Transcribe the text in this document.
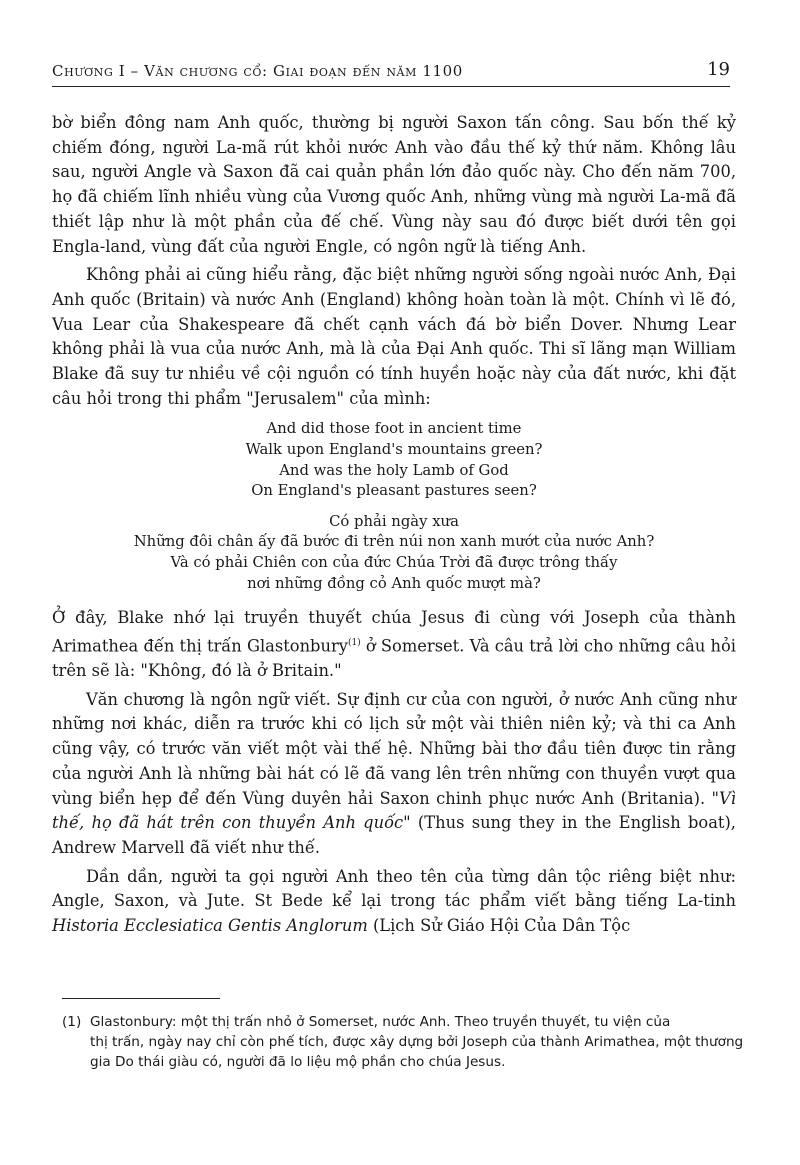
Chương I – Văn chương cổ: Giai đoạn đến năm 1100	19

bờ biển đông nam Anh quốc, thường bị người Saxon tấn công. Sau bốn thế kỷ chiếm đóng, người La-mã rút khỏi nước Anh vào đầu thế kỷ thứ năm. Không lâu sau, người Angle và Saxon đã cai quản phần lớn đảo quốc này. Cho đến năm 700, họ đã chiếm lĩnh nhiều vùng của Vương quốc Anh, những vùng mà người La-mã đã thiết lập như là một phần của đế chế. Vùng này sau đó được biết dưới tên gọi Engla-land, vùng đất của người Engle, có ngôn ngữ là tiếng Anh.

Không phải ai cũng hiểu rằng, đặc biệt những người sống ngoài nước Anh, Đại Anh quốc (Britain) và nước Anh (England) không hoàn toàn là một. Chính vì lẽ đó, Vua Lear của Shakespeare đã chết cạnh vách đá bờ biển Dover. Nhưng Lear không phải là vua của nước Anh, mà là của Đại Anh quốc. Thi sĩ lãng mạn William Blake đã suy tư nhiều về cội nguồn có tính huyền hoặc này của đất nước, khi đặt câu hỏi trong thi phẩm "Jerusalem" của mình:

And did those foot in ancient time
Walk upon England's mountains green?
And was the holy Lamb of God
On England's pleasant pastures seen?
Có phải ngày xưa
Những đôi chân ấy đã bước đi trên núi non xanh mướt của nước Anh?
Và có phải Chiên con của đức Chúa Trời đã được trông thấy
nơi những đồng cỏ Anh quốc mượt mà?

Ở đây, Blake nhớ lại truyền thuyết chúa Jesus đi cùng với Joseph của thành Arimathea đến thị trấn Glastonbury$^{(1)}$ ở Somerset. Và câu trả lời cho những câu hỏi trên sẽ là: "Không, đó là ở Britain."

Văn chương là ngôn ngữ viết. Sự định cư của con người, ở nước Anh cũng như những nơi khác, diễn ra trước khi có lịch sử một vài thiên niên kỷ; và thi ca Anh cũng vậy, có trước văn viết một vài thế hệ. Những bài thơ đầu tiên được tin rằng của người Anh là những bài hát có lẽ đã vang lên trên những con thuyền vượt qua vùng biển hẹp để đến Vùng duyên hải Saxon chinh phục nước Anh (Britania). "Vì thế, họ đã hát trên con thuyền Anh quốc" (Thus sung they in the English boat), Andrew Marvell đã viết như thế.

Dần dần, người ta gọi người Anh theo tên của từng dân tộc riêng biệt như: Angle, Saxon, và Jute. St Bede kể lại trong tác phẩm viết bằng tiếng La-tinh Historia Ecclesiatica Gentis Anglorum (Lịch Sử Giáo Hội Của Dân Tộc

(1) Glastonbury: một thị trấn nhỏ ở Somerset, nước Anh. Theo truyền thuyết, tu viện của
thị trấn, ngày nay chỉ còn phế tích, được xây dựng bởi Joseph của thành Arimathea, một thương gia Do thái giàu có, người đã lo liệu mộ phần cho chúa Jesus.
